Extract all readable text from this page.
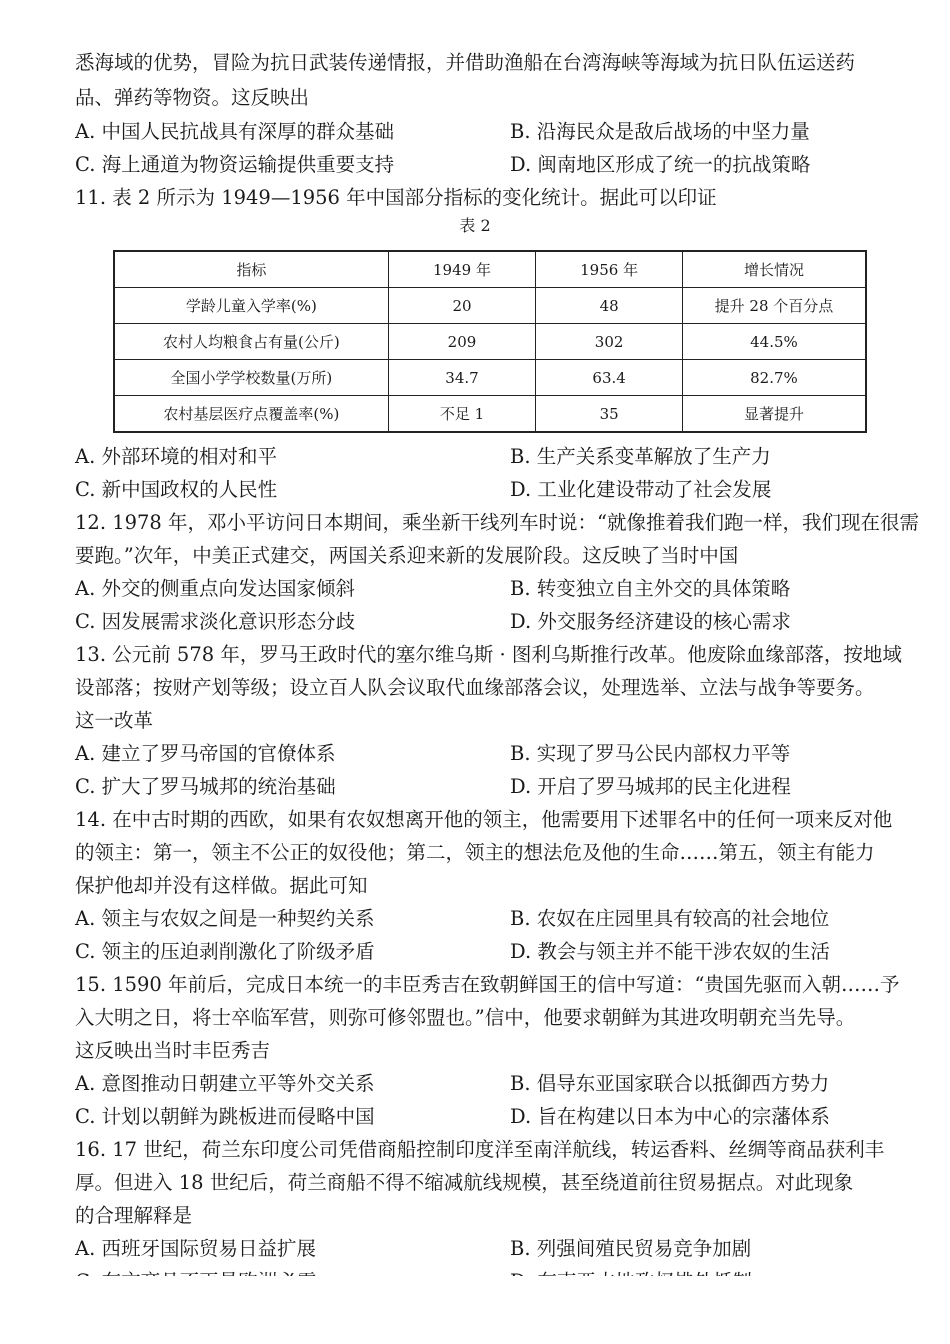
悉海域的优势，冒险为抗日武装传递情报，并借助渔船在台湾海峡等海域为抗日队伍运送药
品、弹药等物资。这反映出
A. 中国人民抗战具有深厚的群众基础	B. 沿海民众是敌后战场的中坚力量
C. 海上通道为物资运输提供重要支持	D. 闽南地区形成了统一的抗战策略
11. 表 2 所示为 1949—1956 年中国部分指标的变化统计。据此可以印证
表 2
指标	1949 年	1956 年	增长情况
学龄儿童入学率(%)	20	48	提升 28 个百分点
农村人均粮食占有量(公斤)	209	302	44.5%
全国小学学校数量(万所)	34.7	63.4	82.7%
农村基层医疗点覆盖率(%)	不足 1	35	显著提升
A. 外部环境的相对和平	B. 生产关系变革解放了生产力
C. 新中国政权的人民性	D. 工业化建设带动了社会发展
12. 1978 年，邓小平访问日本期间，乘坐新干线列车时说：“就像推着我们跑一样，我们现在很需
要跑。”次年，中美正式建交，两国关系迎来新的发展阶段。这反映了当时中国
A. 外交的侧重点向发达国家倾斜	B. 转变独立自主外交的具体策略
C. 因发展需求淡化意识形态分歧	D. 外交服务经济建设的核心需求
13. 公元前 578 年，罗马王政时代的塞尔维乌斯 · 图利乌斯推行改革。他废除血缘部落，按地域
设部落；按财产划等级；设立百人队会议取代血缘部落会议，处理选举、立法与战争等要务。
这一改革
A. 建立了罗马帝国的官僚体系	B. 实现了罗马公民内部权力平等
C. 扩大了罗马城邦的统治基础	D. 开启了罗马城邦的民主化进程
14. 在中古时期的西欧，如果有农奴想离开他的领主，他需要用下述罪名中的任何一项来反对他
的领主：第一，领主不公正的奴役他；第二，领主的想法危及他的生命……第五，领主有能力
保护他却并没有这样做。据此可知
A. 领主与农奴之间是一种契约关系	B. 农奴在庄园里具有较高的社会地位
C. 领主的压迫剥削激化了阶级矛盾	D. 教会与领主并不能干涉农奴的生活
15. 1590 年前后，完成日本统一的丰臣秀吉在致朝鲜国王的信中写道：“贵国先驱而入朝……予
入大明之日，将士卒临军营，则弥可修邻盟也。”信中，他要求朝鲜为其进攻明朝充当先导。
这反映出当时丰臣秀吉
A. 意图推动日朝建立平等外交关系	B. 倡导东亚国家联合以抵御西方势力
C. 计划以朝鲜为跳板进而侵略中国	D. 旨在构建以日本为中心的宗藩体系
16. 17 世纪，荷兰东印度公司凭借商船控制印度洋至南洋航线，转运香料、丝绸等商品获利丰
厚。但进入 18 世纪后，荷兰商船不得不缩减航线规模，甚至绕道前往贸易据点。对此现象
的合理解释是
A. 西班牙国际贸易日益扩展	B. 列强间殖民贸易竞争加剧
